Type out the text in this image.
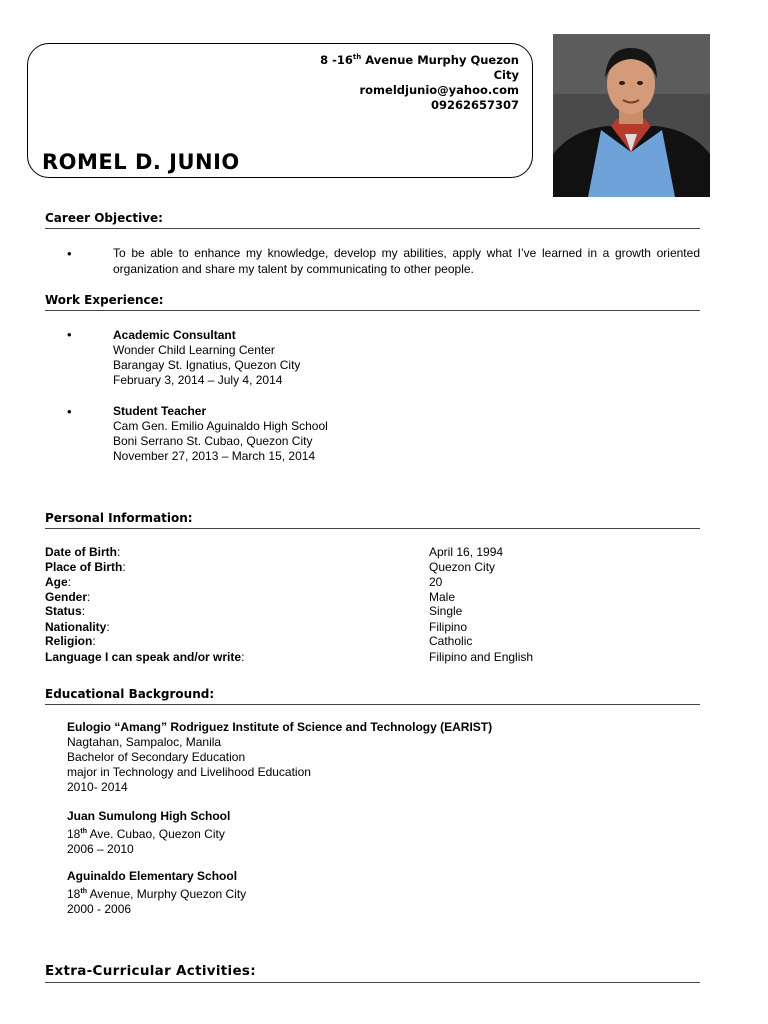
8 -16th Avenue Murphy Quezon
City
romeldjunio@yahoo.com
09262657307
ROMEL D. JUNIO
Career Objective:
•	To be able to enhance my knowledge, develop my abilities, apply what I’ve learned in a growth oriented organization and share my talent by communicating to other people.
Work Experience:
•	Academic Consultant
Wonder Child Learning Center
Barangay St. Ignatius, Quezon City
February 3, 2014 – July 4, 2014
•	Student Teacher
Cam Gen. Emilio Aguinaldo High School
Boni Serrano St. Cubao, Quezon City
November 27, 2013 – March 15, 2014
Personal Information:
Date of Birth:	April 16, 1994
Place of Birth:	Quezon City
Age:	20
Gender:	Male
Status:	Single
Nationality:	Filipino
Religion:	Catholic
Language I can speak and/or write:	Filipino and English
Educational Background:
Eulogio “Amang” Rodriguez Institute of Science and Technology (EARIST)
Nagtahan, Sampaloc, Manila
Bachelor of Secondary Education
major in Technology and Livelihood Education
2010- 2014
Juan Sumulong High School
18th Ave. Cubao, Quezon City
2006 – 2010
Aguinaldo Elementary School
18th Avenue, Murphy Quezon City
2000 - 2006
Extra-Curricular Activities:
